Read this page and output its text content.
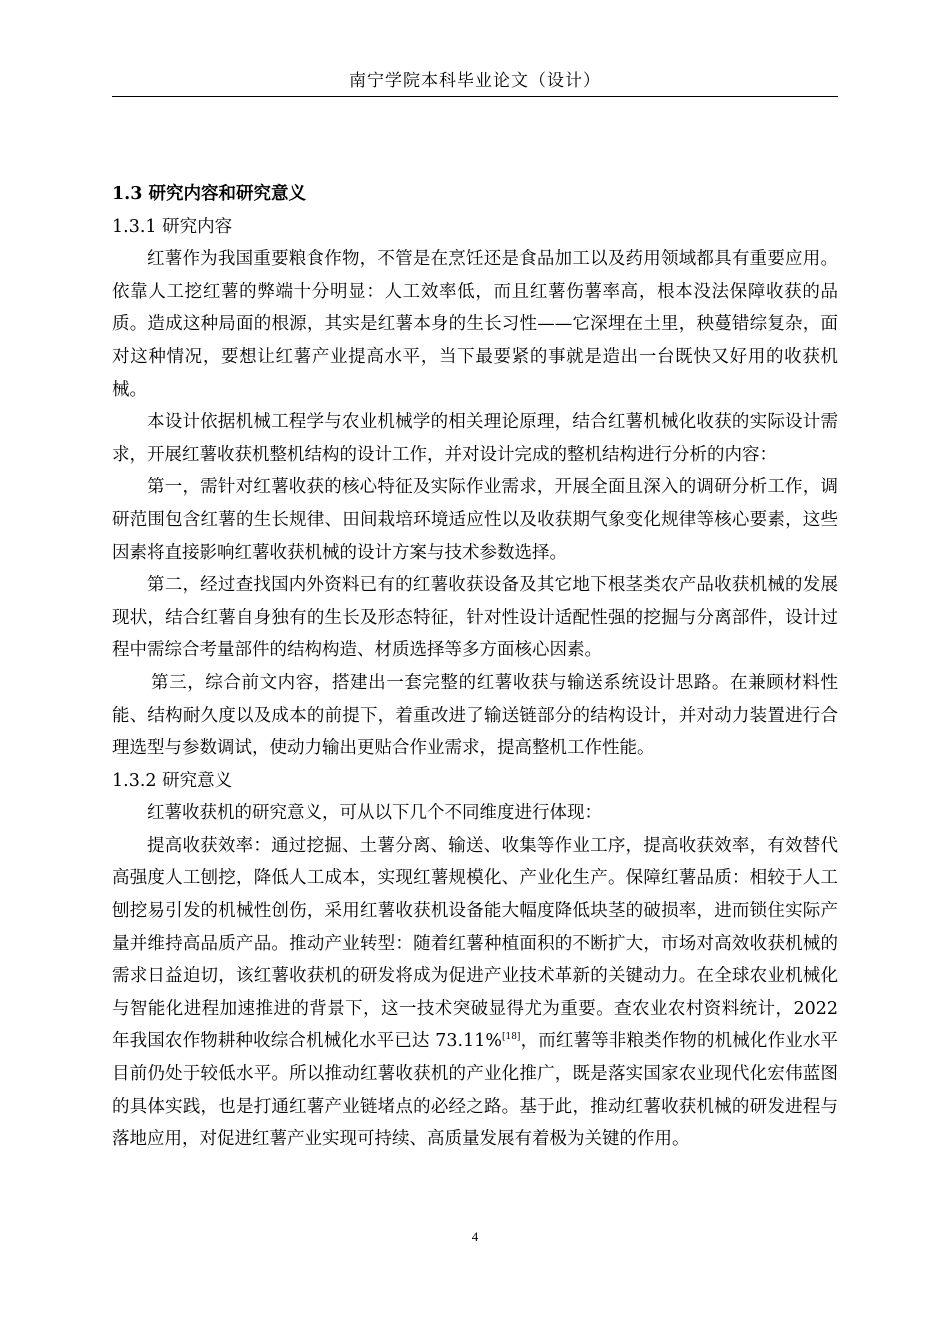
南宁学院本科毕业论文（设计）

1.3 研究内容和研究意义

1.3.1 研究内容

红薯作为我国重要粮食作物，不管是在烹饪还是食品加工以及药用领域都具有重要应用。依靠人工挖红薯的弊端十分明显：人工效率低，而且红薯伤薯率高，根本没法保障收获的品质。造成这种局面的根源，其实是红薯本身的生长习性——它深埋在土里，秧蔓错综复杂，面对这种情况，要想让红薯产业提高水平，当下最要紧的事就是造出一台既快又好用的收获机械。

本设计依据机械工程学与农业机械学的相关理论原理，结合红薯机械化收获的实际设计需求，开展红薯收获机整机结构的设计工作，并对设计完成的整机结构进行分析的内容：

第一，需针对红薯收获的核心特征及实际作业需求，开展全面且深入的调研分析工作，调研范围包含红薯的生长规律、田间栽培环境适应性以及收获期气象变化规律等核心要素，这些因素将直接影响红薯收获机械的设计方案与技术参数选择。

第二，经过查找国内外资料已有的红薯收获设备及其它地下根茎类农产品收获机械的发展现状，结合红薯自身独有的生长及形态特征，针对性设计适配性强的挖掘与分离部件，设计过程中需综合考量部件的结构构造、材质选择等多方面核心因素。

第三，综合前文内容，搭建出一套完整的红薯收获与输送系统设计思路。在兼顾材料性能、结构耐久度以及成本的前提下，着重改进了输送链部分的结构设计，并对动力装置进行合理选型与参数调试，使动力输出更贴合作业需求，提高整机工作性能。

1.3.2 研究意义

红薯收获机的研究意义，可从以下几个不同维度进行体现：

提高收获效率：通过挖掘、土薯分离、输送、收集等作业工序，提高收获效率，有效替代高强度人工刨挖，降低人工成本，实现红薯规模化、产业化生产。保障红薯品质：相较于人工刨挖易引发的机械性创伤，采用红薯收获机设备能大幅度降低块茎的破损率，进而锁住实际产量并维持高品质产品。推动产业转型：随着红薯种植面积的不断扩大，市场对高效收获机械的需求日益迫切，该红薯收获机的研发将成为促进产业技术革新的关键动力。在全球农业机械化与智能化进程加速推进的背景下，这一技术突破显得尤为重要。查农业农村资料统计，2022年我国农作物耕种收综合机械化水平已达 73.11%[18]，而红薯等非粮类作物的机械化作业水平目前仍处于较低水平。所以推动红薯收获机的产业化推广，既是落实国家农业现代化宏伟蓝图的具体实践，也是打通红薯产业链堵点的必经之路。基于此，推动红薯收获机械的研发进程与落地应用，对促进红薯产业实现可持续、高质量发展有着极为关键的作用。

4
